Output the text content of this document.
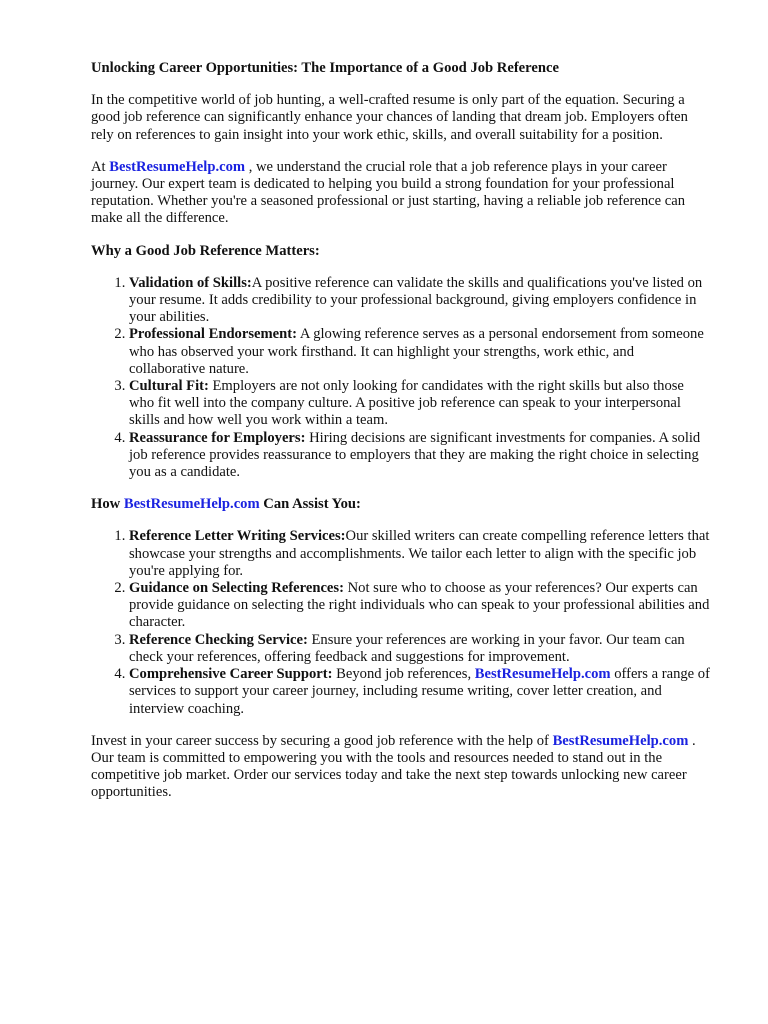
Unlocking Career Opportunities: The Importance of a Good Job Reference

In the competitive world of job hunting, a well-crafted resume is only part of the equation. Securing a good job reference can significantly enhance your chances of landing that dream job. Employers often rely on references to gain insight into your work ethic, skills, and overall suitability for a position.

At BestResumeHelp.com , we understand the crucial role that a job reference plays in your career journey. Our expert team is dedicated to helping you build a strong foundation for your professional reputation. Whether you're a seasoned professional or just starting, having a reliable job reference can make all the difference.

Why a Good Job Reference Matters:
1. Validation of Skills:A positive reference can validate the skills and qualifications you've listed on your resume. It adds credibility to your professional background, giving employers confidence in your abilities.
2. Professional Endorsement: A glowing reference serves as a personal endorsement from someone who has observed your work firsthand. It can highlight your strengths, work ethic, and collaborative nature.
3. Cultural Fit: Employers are not only looking for candidates with the right skills but also those who fit well into the company culture. A positive job reference can speak to your interpersonal skills and how well you work within a team.
4. Reassurance for Employers: Hiring decisions are significant investments for companies. A solid job reference provides reassurance to employers that they are making the right choice in selecting you as a candidate.
How BestResumeHelp.com Can Assist You:
1. Reference Letter Writing Services:Our skilled writers can create compelling reference letters that showcase your strengths and accomplishments. We tailor each letter to align with the specific job you're applying for.
2. Guidance on Selecting References: Not sure who to choose as your references? Our experts can provide guidance on selecting the right individuals who can speak to your professional abilities and character.
3. Reference Checking Service: Ensure your references are working in your favor. Our team can check your references, offering feedback and suggestions for improvement.
4. Comprehensive Career Support: Beyond job references, BestResumeHelp.com offers a range of services to support your career journey, including resume writing, cover letter creation, and interview coaching.

Invest in your career success by securing a good job reference with the help of BestResumeHelp.com . Our team is committed to empowering you with the tools and resources needed to stand out in the competitive job market. Order our services today and take the next step towards unlocking new career opportunities.
